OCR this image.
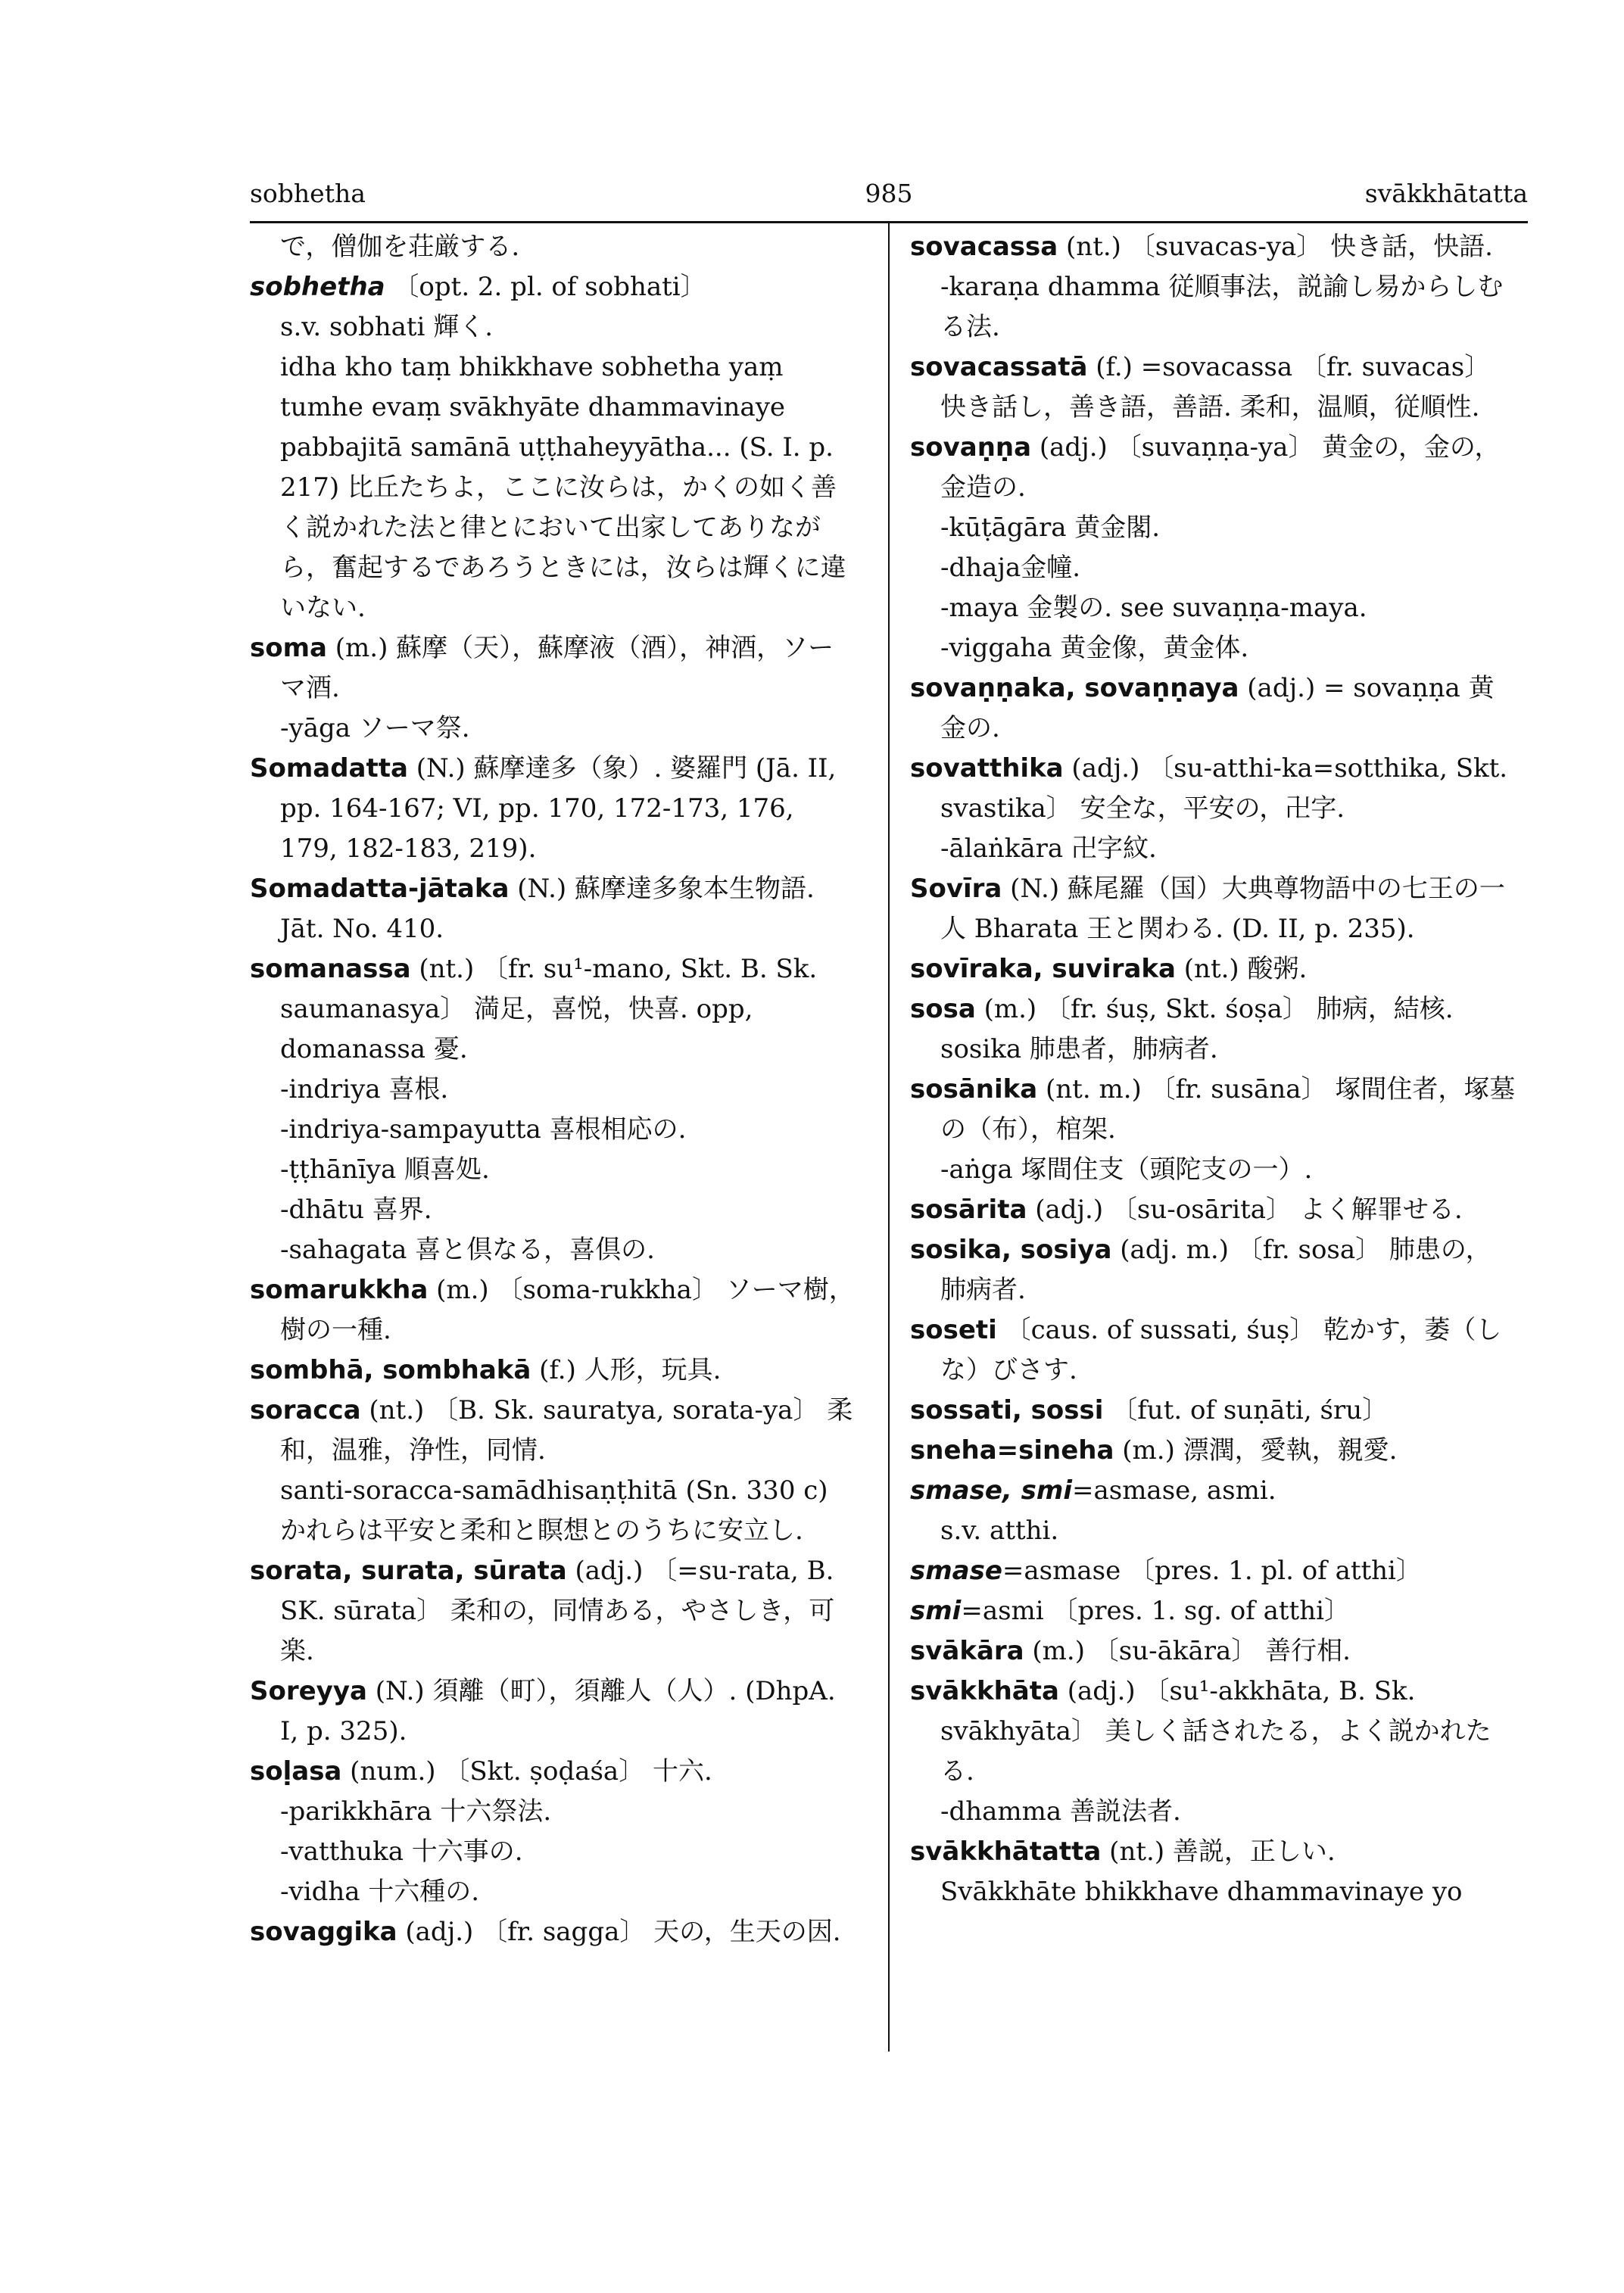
sobhetha	985	svākkhātatta

で，僧伽を荘厳する.

sobhetha 〔opt. 2. pl. of sobhati〕

s.v. sobhati 輝く.

idha kho taṃ bhikkhave sobhetha yaṃ tumhe evaṃ svākhyāte dhammavinaye pabbajitā samānā uṭṭhaheyyātha... (S. I. p. 217) 比丘たちよ，ここに汝らは，かくの如く善く説かれた法と律とにおいて出家してありながら，奮起するであろうときには，汝らは輝くに違いない.

soma (m.) 蘇摩（天），蘇摩液（酒），神酒，ソーマ酒.

-yāga ソーマ祭.

Somadatta (N.) 蘇摩達多（象）. 婆羅門 (Jā. II, pp. 164-167; VI, pp. 170, 172-173, 176, 179, 182-183, 219).

Somadatta-jātaka (N.) 蘇摩達多象本生物語. Jāt. No. 410.

somanassa (nt.) 〔fr. su¹-mano, Skt. B. Sk. saumanasya〕 満足，喜悦，快喜. opp, domanassa 憂.

-indriya 喜根.

-indriya-sampayutta 喜根相応の.

-ṭṭhānīya 順喜処.

-dhātu 喜界.

-sahagata 喜と倶なる，喜倶の.

somarukkha (m.) 〔soma-rukkha〕 ソーマ樹，樹の一種.

sombhā, sombhakā (f.) 人形，玩具.

soracca (nt.) 〔B. Sk. sauratya, sorata-ya〕 柔和，温雅，浄性，同情.

santi-soracca-samādhisaṇṭhitā (Sn. 330 c) かれらは平安と柔和と瞑想とのうちに安立し.

sorata, surata, sūrata (adj.) 〔=su-rata, B. SK. sūrata〕 柔和の，同情ある，やさしき，可楽.

Soreyya (N.) 須離（町），須離人（人）. (DhpA. I, p. 325).

soḷasa (num.) 〔Skt. ṣoḍaśa〕 十六.

-parikkhāra 十六祭法.

-vatthuka 十六事の.

-vidha 十六種の.

sovaggika (adj.) 〔fr. sagga〕 天の，生天の因.

sovacassa (nt.) 〔suvacas-ya〕 快き話，快語.

-karaṇa dhamma 従順事法，説諭し易からしむる法.

sovacassatā (f.) =sovacassa 〔fr. suvacas〕 快き話し，善き語，善語. 柔和，温順，従順性.

sovaṇṇa (adj.) 〔suvaṇṇa-ya〕 黄金の，金の，金造の.

-kūṭāgāra 黄金閣.

-dhaja金幢.

-maya 金製の. see suvaṇṇa-maya.

-viggaha 黄金像，黄金体.

sovaṇṇaka, sovaṇṇaya (adj.) = sovaṇṇa 黄金の.

sovatthika (adj.) 〔su-atthi-ka=sotthika, Skt. svastika〕 安全な，平安の，卍字.

-ālaṅkāra 卍字紋.

Sovīra (N.) 蘇尾羅（国）大典尊物語中の七王の一人 Bharata 王と関わる. (D. II, p. 235).

sovīraka, suviraka (nt.) 酸粥.

sosa (m.) 〔fr. śuṣ, Skt. śoṣa〕 肺病，結核. sosika 肺患者，肺病者.

sosānika (nt. m.) 〔fr. susāna〕 塚間住者，塚墓の（布），棺架.

-aṅga 塚間住支（頭陀支の一）.

sosārita (adj.) 〔su-osārita〕 よく解罪せる.

sosika, sosiya (adj. m.) 〔fr. sosa〕 肺患の，肺病者.

soseti 〔caus. of sussati, śuṣ〕 乾かす，萎（しな）びさす.

sossati, sossi 〔fut. of suṇāti, śru〕

sneha=sineha (m.) 漂潤，愛執，親愛.

smase, smi=asmase, asmi.

s.v. atthi.

smase=asmase 〔pres. 1. pl. of atthi〕

smi=asmi 〔pres. 1. sg. of atthi〕

svākāra (m.) 〔su-ākāra〕 善行相.

svākkhāta (adj.) 〔su¹-akkhāta, B. Sk. svākhyāta〕 美しく話されたる，よく説かれたる.

-dhamma 善説法者.

svākkhātatta (nt.) 善説，正しい.

Svākkhāte bhikkhave dhammavinaye yo
